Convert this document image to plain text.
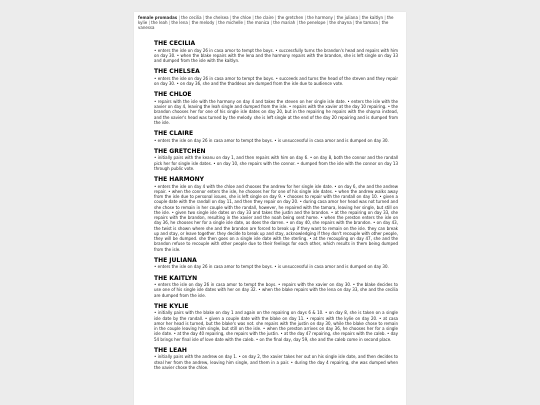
female promadas | the cecilia | the chelsea | the chloe | the claire | the gretchen | the harmony | the juliana | the kaitlyn | the kylie | the leah | the lena | the melody | the michelle | the monica | the mariah | the penelope | the shayna | the tamara | the vanessa
THE CECILIA

• enters the isle on day 26 in casa amor to tempt the boys. • successfully turns the brandon's head and repairs with him on day 30. • when the blake repairs with the lena and the harmony repairs with the brandon, she is left single on day 33 and dumped from the isle with the kaitlyn.

THE CHELSEA

• enters the isle on day 26 in casa amor to tempt the boys. • succeeds and turns the head of the steven and they repair on day 30. • on day 36, she and the thaddeus are dumped from the isle due to audience vote.

THE CHLOE

• repairs with the isle with the harmony on day 4 and takes the steven on her single isle date. • enters the isle with the xavier on day 4, leaving the leah single and dumped from the isle. • repairs with the xavier at the day 10 repairing. • the brandon chooses her for one of his single isle dates on day 20, but in the repairing he repairs with the shayna instead, and the xavier's head was turned by the melody. she is left single at the end of the day 20 repairing and is dumped from the isle.

THE CLAIRE

• enters the isle on day 26 in casa amor to tempt the boys. • is unsuccessful in casa amor and is dumped on day 30.

THE GRETCHEN

• initially pairs with the keanu on day 1, and then repairs with him on day 6. • on day 8, both the connor and the randall pick her for single isle dates. • on day 10, she repairs with the connor. • dumped from the isle with the connor on day 13 through public vote.

THE HARMONY

• enters the isle on day 4 with the chloe and chooses the andrew for her single isle date. • on day 6, she and the andrew repair. • when the connor enters the isle, he chooses her for one of his single isle dates. • when the andrew walks away from the isle due to personal issues, she is left single on day 9. • chooses to repair with the randall on day 10. • given a couple date with the randall on day 11, and then they repair on day 20. • during casa amor her head was not turned and she chose to remain in her couple with the randall, however, he repaired with the tamara, leaving her single, but still on the isle. • given two single isle dates on day 33 and takes the justin and the brandon. • at the repairing on day 33, she repairs with the brandon, resulting in the xavier and the noah being sent home. • when the preston enters the isle on day 36, he chooses her for a single isle date, as does the darren. • on day 40, she repairs with the brandon. • on day 43, the twist is shown where she and the brandon are forced to break up if they want to remain on the isle. they can break up and stay, or leave together. they decide to break up and stay, acknowledging if they don't recouple with other people, they will be dumped. she then goes on a single isle date with the sterling. • at the recoupling on day 47, she and the brandon refuse to recouple with other people due to their feelings for each other, which results in them being dumped from the isle.

THE JULIANA

• enters the isle on day 26 in casa amor to tempt the boys. • is unsuccessful in casa amor and is dumped on day 30.

THE KAITLYN

• enters the isle on day 26 in casa amor to tempt the boys. • repairs with the xavier on day 30. • the blake decides to use one of his single isle dates with her on day 32. • when the blake repairs with the lena on day 33, she and the cecilia are dumped from the isle.

THE KYLIE

• initially pairs with the blake on day 1 and again on the repairing on days 6 & 10. • on day 8, she is taken on a single isle date by the randall. • given a couple date with the blake on day 11. • repairs with the kylie on day 20. • at casa amor her head is turned, but the blake's was not. she repairs with the justin on day 30, while the blake chose to remain in the couple leaving him single, but still on the isle. • when the preston arrives on day 36, he chooses her for a single isle date. • at the day 40 repairing, she repairs with the justin. • at the day 47 repairing, she repairs with the caleb. • day 54 brings her final isle of love date with the caleb. • on the final day, day 59, she and the caleb come in second place.

THE LEAH

• initially pairs with the andrew on day 1. • on day 2, the xavier takes her out on his single isle date, and then decides to steal her from the andrew, leaving him single, and them in a pair. • during the day 4 repairing, she was dumped when the xavier chose the chloe.
